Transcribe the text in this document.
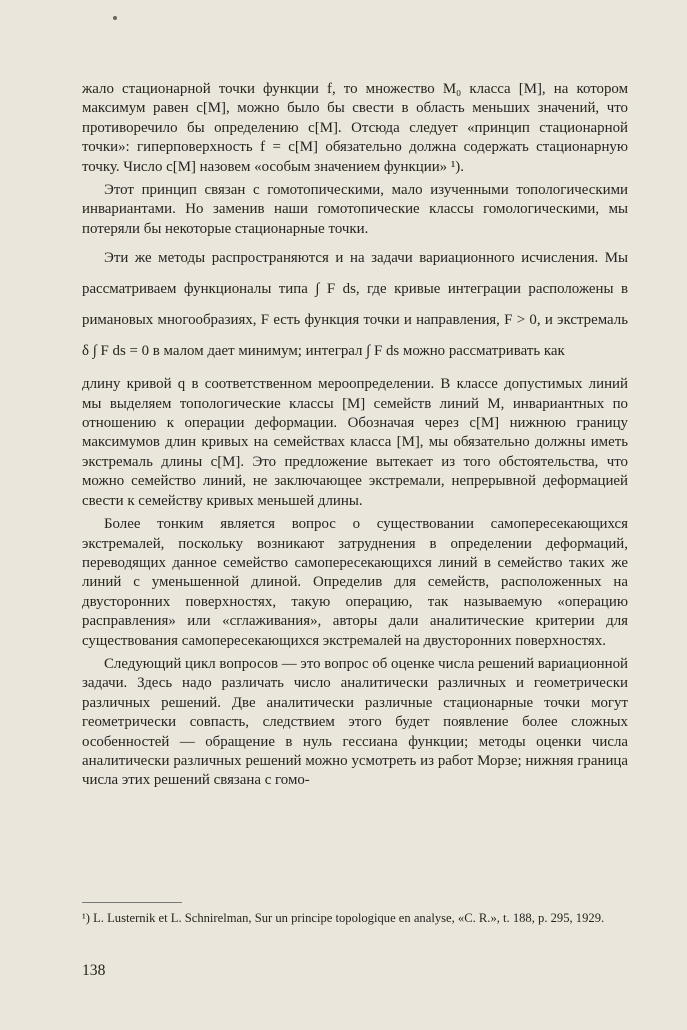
жало стационарной точки функции f, то множество M₀ класса [M], на котором максимум равен c[M], можно было бы свести в область меньших значений, что противоречило бы определению c[M]. Отсюда следует «принцип стационарной точки»: гиперповерхность f = c[M] обязательно должна содержать стационарную точку. Число c[M] назовем «особым значением функции» ¹).

Этот принцип связан с гомотопическими, мало изученными топологическими инвариантами. Но заменив наши гомотопические классы гомологическими, мы потеряли бы некоторые стационарные точки.

Эти же методы распространяются и на задачи вариационного исчисления. Мы рассматриваем функционалы типа ∫ F ds, где кривые интеграции расположены в римановых многообразиях, F есть функция точки и направления, F > 0, и экстремаль δ ∫ F ds = 0 в малом дает минимум; интеграл ∫ F ds можно рассматривать как

длину кривой q в соответственном мероопределении. В классе допустимых линий мы выделяем топологические классы [M] семейств линий M, инвариантных по отношению к операции деформации. Обозначая через c[M] нижнюю границу максимумов длин кривых на семействах класса [M], мы обязательно должны иметь экстремаль длины c[M]. Это предложение вытекает из того обстоятельства, что можно семейство линий, не заключающее экстремали, непрерывной деформацией свести к семейству кривых меньшей длины.

Более тонким является вопрос о существовании самопересекающихся экстремалей, поскольку возникают затруднения в определении деформаций, переводящих данное семейство самопересекающихся линий в семейство таких же линий с уменьшенной длиной. Определив для семейств, расположенных на двусторонних поверхностях, такую операцию, так называемую «операцию расправления» или «сглаживания», авторы дали аналитические критерии для существования самопересекающихся экстремалей на двусторонних поверхностях.

Следующий цикл вопросов — это вопрос об оценке числа решений вариационной задачи. Здесь надо различать число аналитически различных и геометрически различных решений. Две аналитически различные стационарные точки могут геометрически совпасть, следствием этого будет появление более сложных особенностей — обращение в нуль гессиана функции; методы оценки числа аналитически различных решений можно усмотреть из работ Морзе; нижняя граница числа этих решений связана с гомо-

¹) L. Lusternik et L. Schnirelman, Sur un principe topologique en analyse, «C. R.», t. 188, p. 295, 1929.

138
